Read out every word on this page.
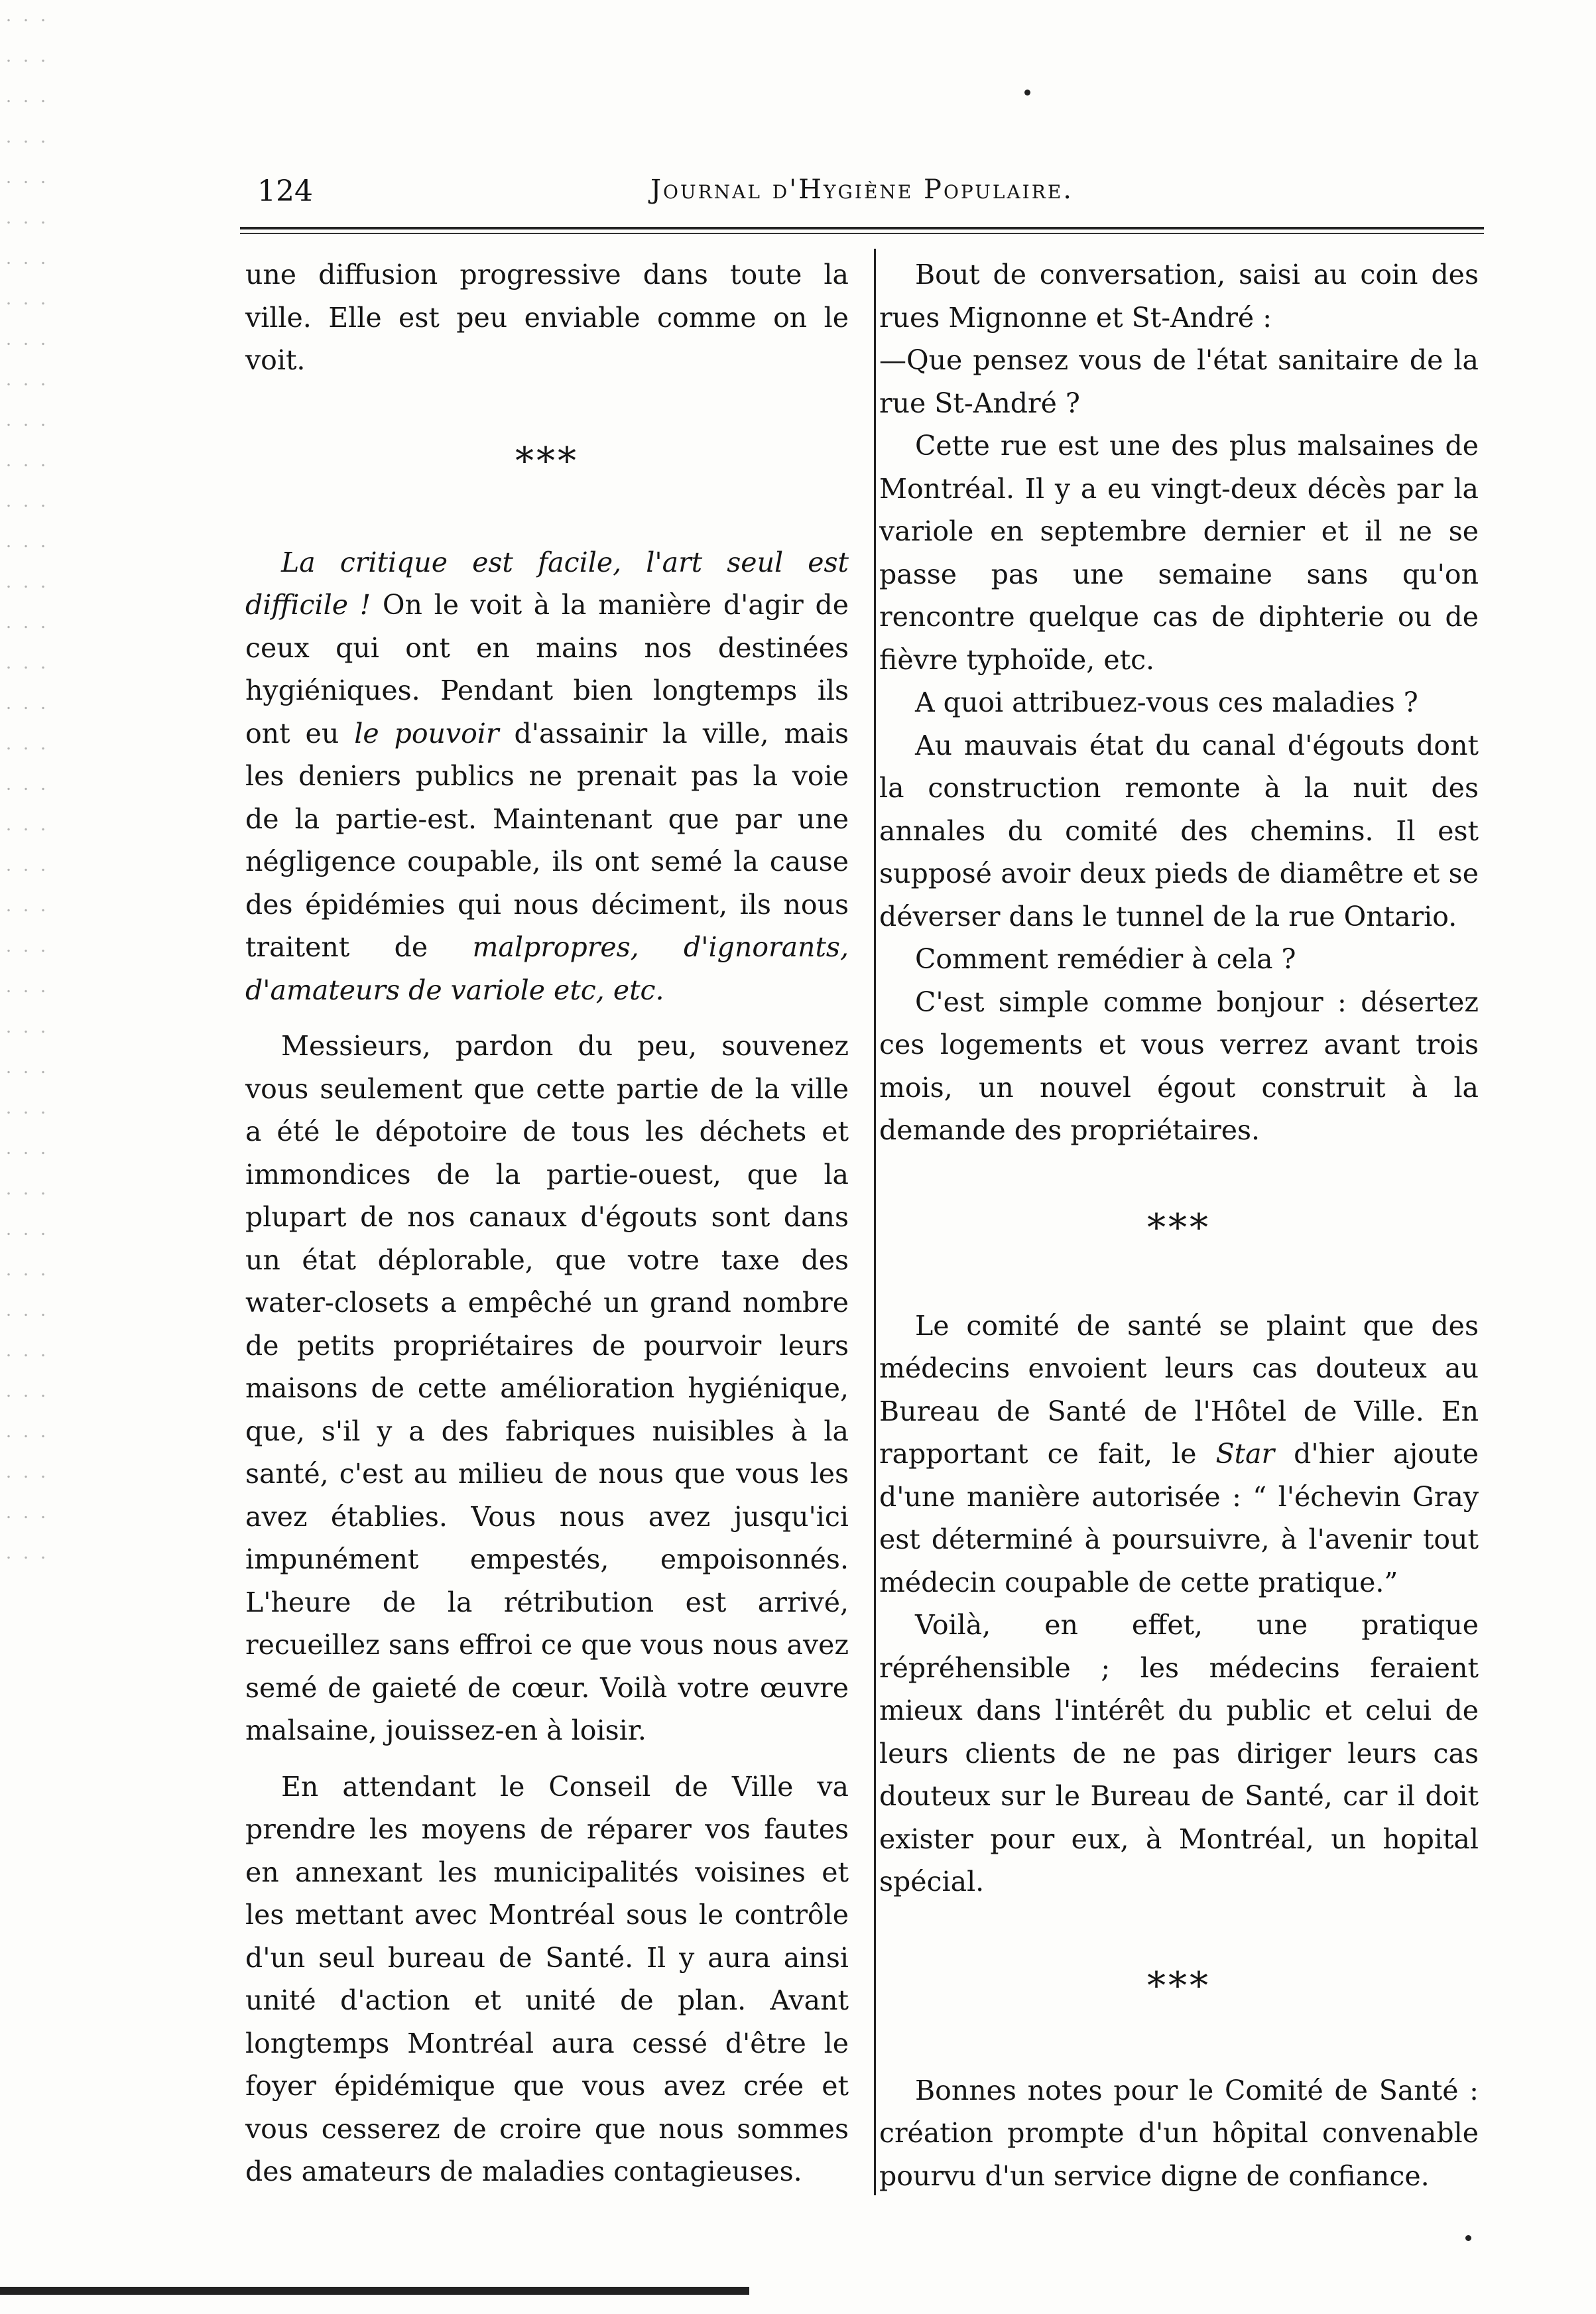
124	Journal d'Hygiène Populaire.

une diffusion progressive dans toute la ville. Elle est peu enviable comme on le voit.

***

La critique est facile, l'art seul est difficile ! On le voit à la manière d'agir de ceux qui ont en mains nos destinées hygiéniques. Pendant bien longtemps ils ont eu le pouvoir d'assainir la ville, mais les deniers publics ne prenait pas la voie de la partie-est. Maintenant que par une négligence coupable, ils ont semé la cause des épidémies qui nous déciment, ils nous traitent de malpropres, d'ignorants, d'amateurs de variole etc, etc.

Messieurs, pardon du peu, souvenez vous seulement que cette partie de la ville a été le dépotoire de tous les déchets et immondices de la partie-ouest, que la plupart de nos canaux d'égouts sont dans un état déplorable, que votre taxe des water-closets a empêché un grand nombre de petits propriétaires de pourvoir leurs maisons de cette amélioration hygiénique, que, s'il y a des fabriques nuisibles à la santé, c'est au milieu de nous que vous les avez établies. Vous nous avez jusqu'ici impunément empestés, empoisonnés. L'heure de la rétribution est arrivé, recueillez sans effroi ce que vous nous avez semé de gaieté de cœur. Voilà votre œuvre malsaine, jouissez-en à loisir.

En attendant le Conseil de Ville va prendre les moyens de réparer vos fautes en annexant les municipalités voisines et les mettant avec Montréal sous le contrôle d'un seul bureau de Santé. Il y aura ainsi unité d'action et unité de plan. Avant longtemps Montréal aura cessé d'être le foyer épidémique que vous avez crée et vous cesserez de croire que nous sommes des amateurs de maladies contagieuses.

Bout de conversation, saisi au coin des rues Mignonne et St-André :

—Que pensez vous de l'état sanitaire de la rue St-André ?

Cette rue est une des plus malsaines de Montréal. Il y a eu vingt-deux décès par la variole en septembre dernier et il ne se passe pas une semaine sans qu'on rencontre quelque cas de diphterie ou de fièvre typhoïde, etc.

A quoi attribuez-vous ces maladies ?

Au mauvais état du canal d'égouts dont la construction remonte à la nuit des annales du comité des chemins. Il est supposé avoir deux pieds de diamêtre et se déverser dans le tunnel de la rue Ontario.

Comment remédier à cela ?

C'est simple comme bonjour : désertez ces logements et vous verrez avant trois mois, un nouvel égout construit à la demande des propriétaires.

***

Le comité de santé se plaint que des médecins envoient leurs cas douteux au Bureau de Santé de l'Hôtel de Ville. En rapportant ce fait, le Star d'hier ajoute d'une manière autorisée : “ l'échevin Gray est déterminé à poursuivre, à l'avenir tout médecin coupable de cette pratique.”

Voilà, en effet, une pratique répréhensible ; les médecins feraient mieux dans l'intérêt du public et celui de leurs clients de ne pas diriger leurs cas douteux sur le Bureau de Santé, car il doit exister pour eux, à Montréal, un hopital spécial.

***

Bonnes notes pour le Comité de Santé : création prompte d'un hôpital convenable pourvu d'un service digne de confiance.
